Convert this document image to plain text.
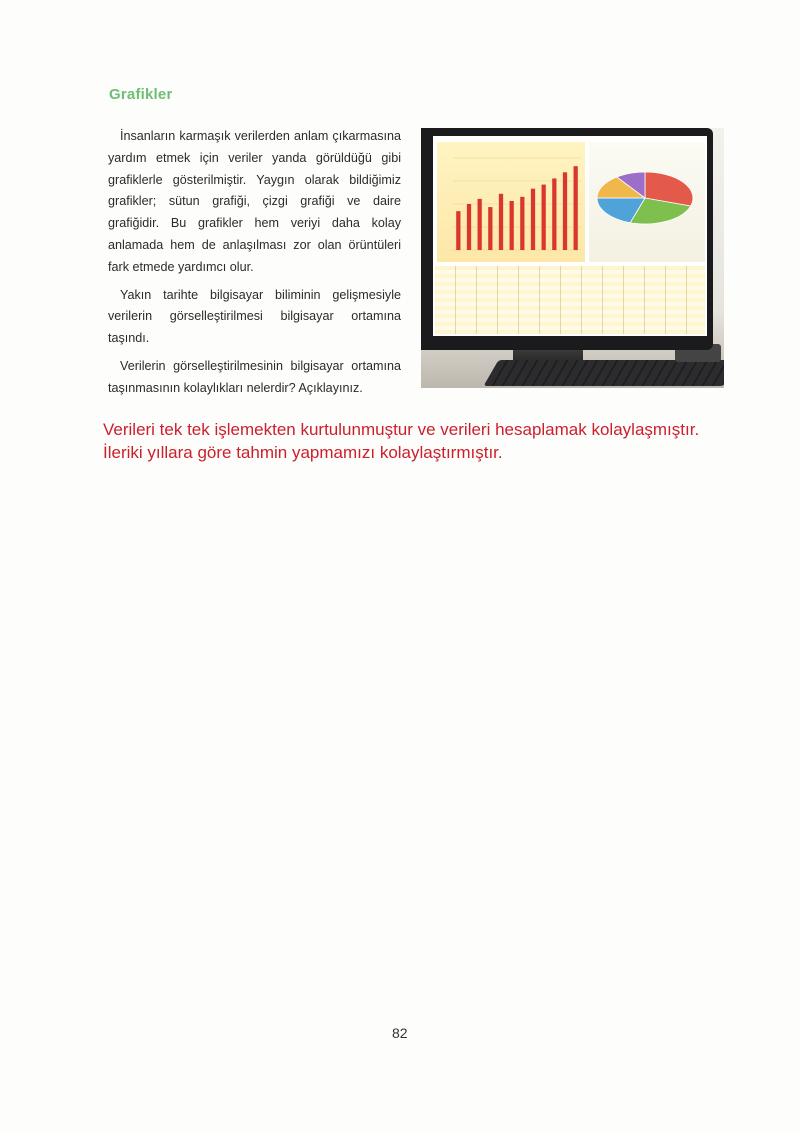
Grafikler

İnsanların karmaşık verilerden anlam çıkarmasına yardım etmek için veriler yanda görüldüğü gibi grafiklerle gösterilmiştir. Yaygın olarak bildiğimiz grafikler; sütun grafiği, çizgi grafiği ve daire grafiğidir. Bu grafikler hem veriyi daha kolay anlamada hem de anlaşılması zor olan örüntüleri fark etmede yardımcı olur.

Yakın tarihte bilgisayar biliminin gelişmesiyle verilerin görselleştirilmesi bilgisayar ortamına taşındı.

Verilerin görselleştirilmesinin bilgisayar ortamına taşınmasının kolaylıkları nelerdir? Açıklayınız.

Verileri tek tek işlemekten kurtulunmuştur ve verileri hesaplamak kolaylaşmıştır.
İleriki yıllara göre tahmin yapmamızı kolaylaştırmıştır.
82
